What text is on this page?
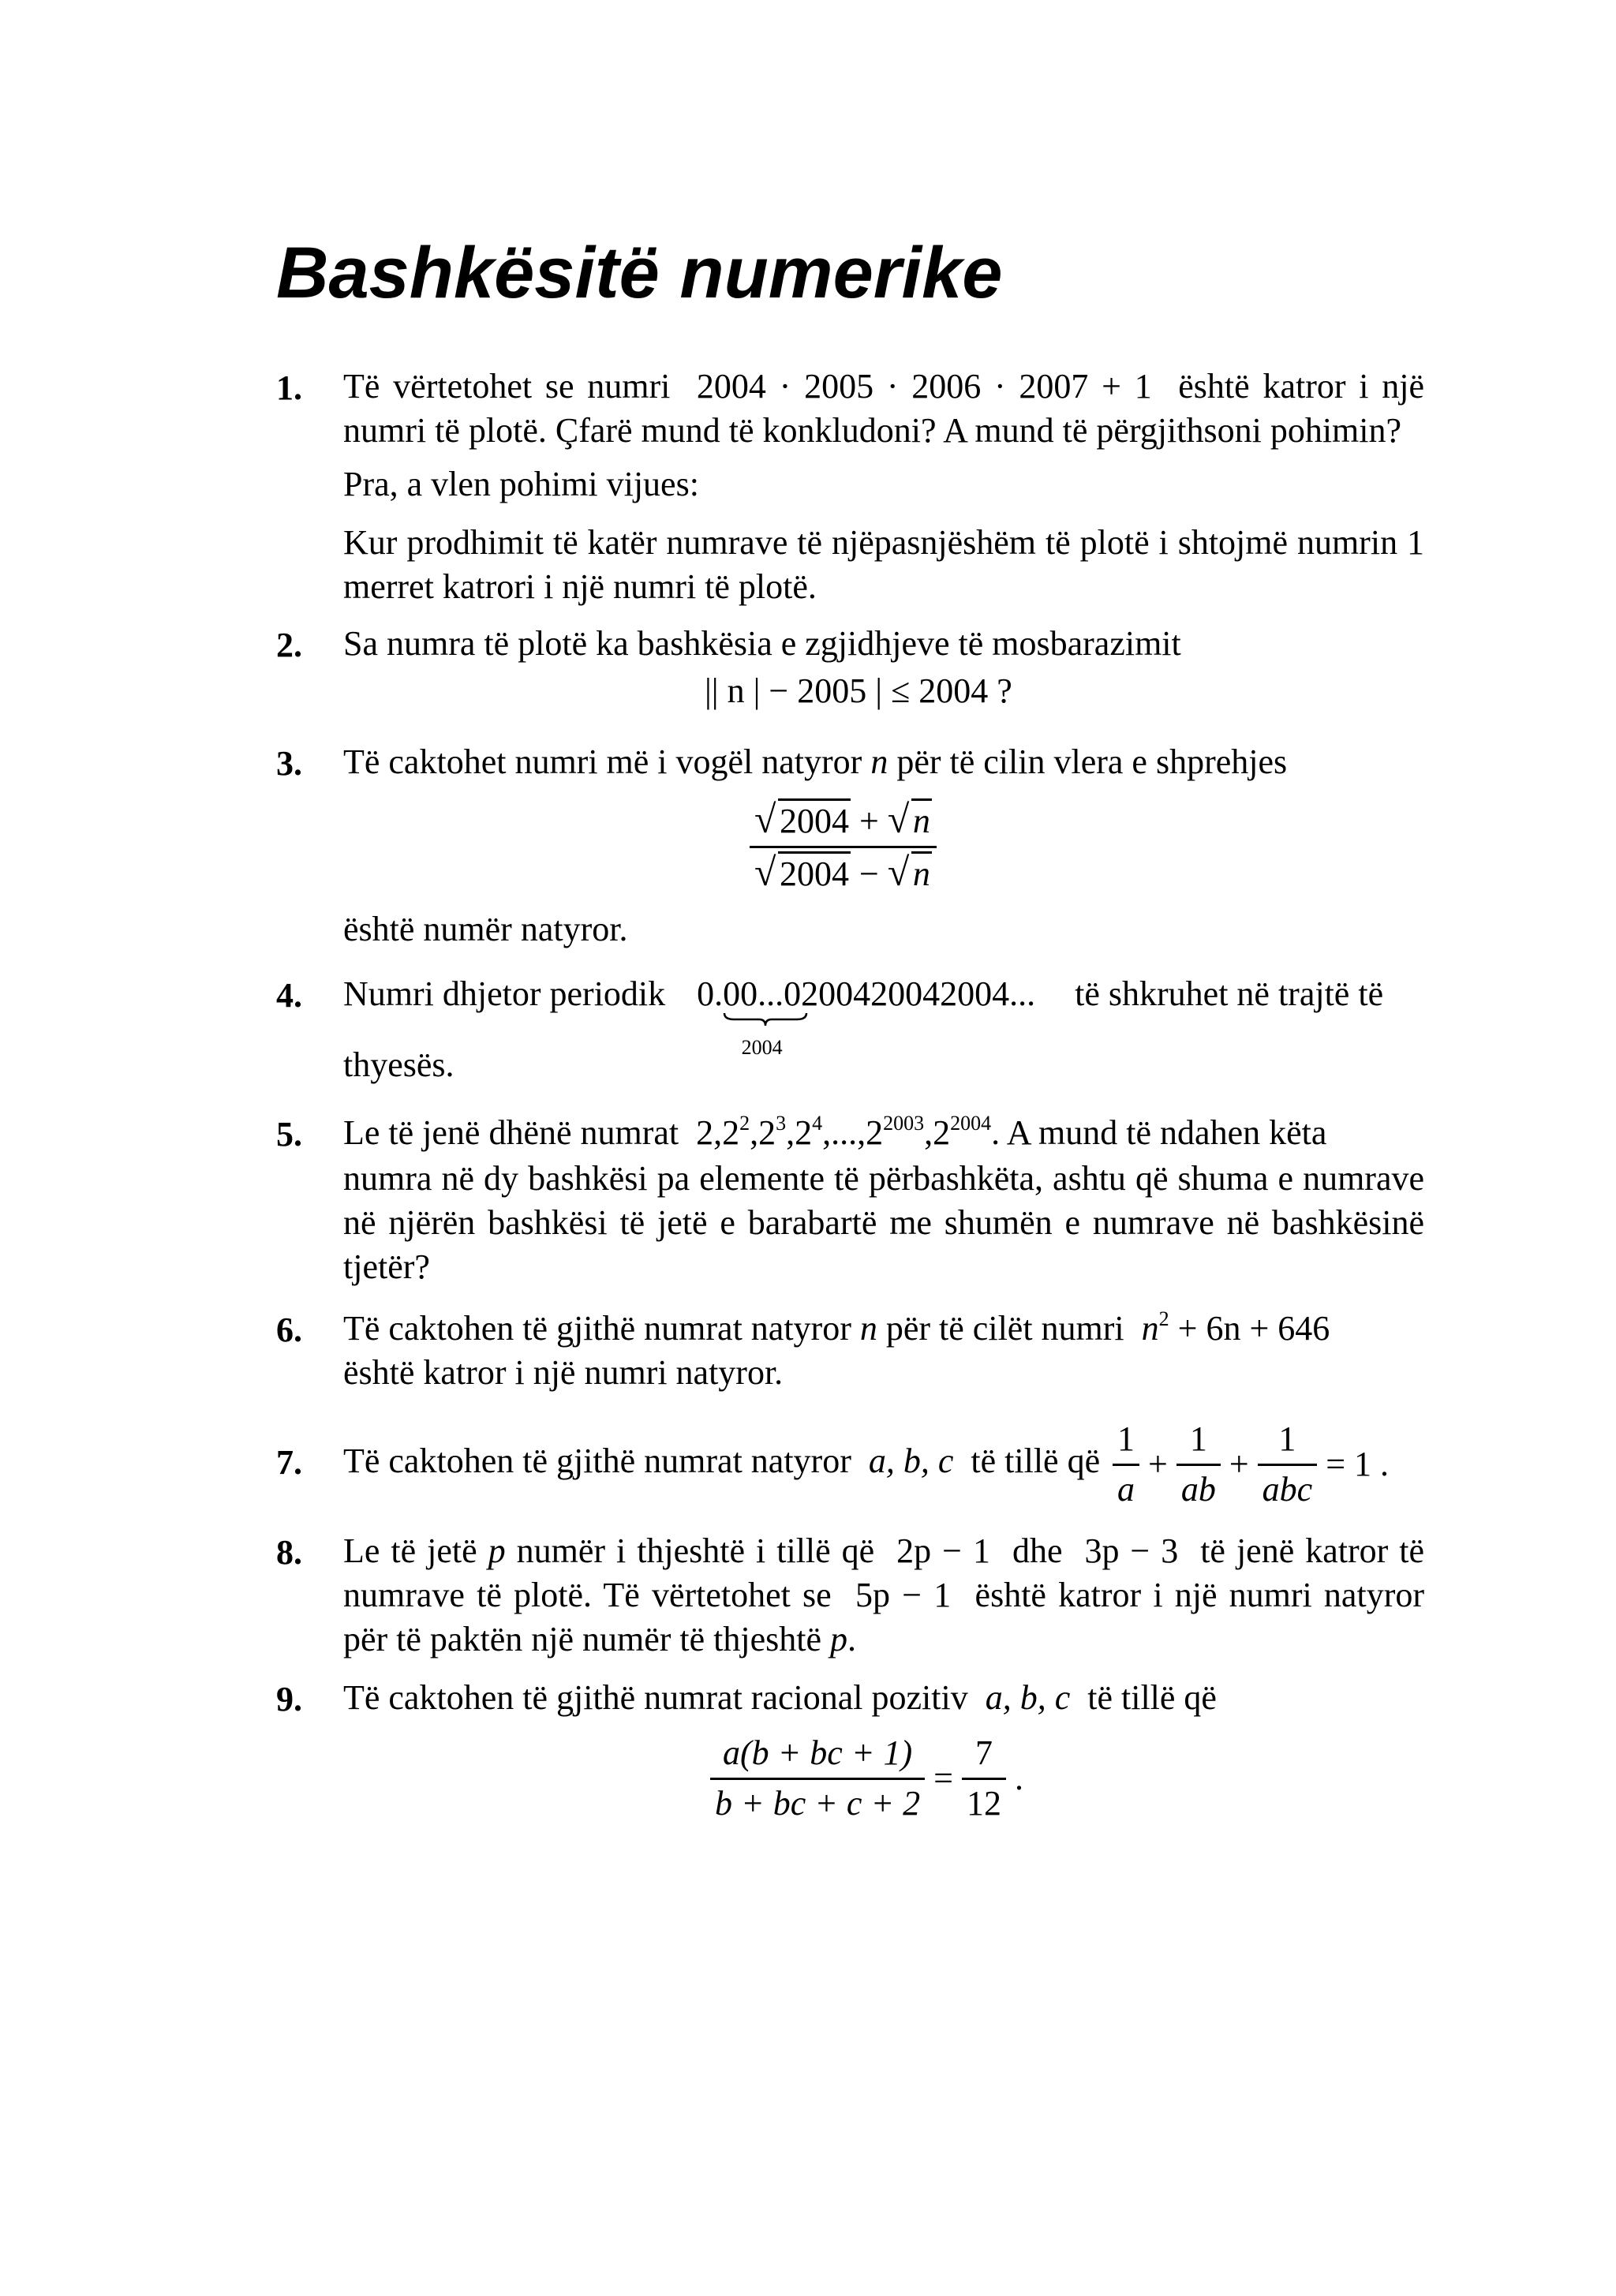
Bashkësitë numerike
1.	Të vërtetohet se numri 2004 · 2005 · 2006 · 2007 + 1 është katror i një numri të plotë. Çfarë mund të konkludoni? A mund të përgjithsoni pohimin?

Pra, a vlen pohimi vijues:

Kur prodhimit të katër numrave të njëpasnjëshëm të plotë i shtojmë numrin 1 merret katrori i një numri të plotë.

2.	Sa numra të plotë ka bashkësia e zgjidhjeve të mosbarazimit

|| n | − 2005 | ≤ 2004 ?
3.	Të caktohet numri më i vogël natyror n për të cilin vlera e shprehjes

√ 2004 + √ n
√ 2004 − √ n

është numër natyror.

4.	Numri dhjetor periodik 0.00...0
2004
200420042004... të shkruhet në trajtë të

thyesës.

5.	Le të jenë dhënë numrat $2,2^2,2^3,2^4,...,2^{2003},2^{2004}$. A mund të ndahen këta

numra në dy bashkësi pa elemente të përbashkëta, ashtu që shuma e numrave në njërën bashkësi të jetë e barabartë me shumën e numrave në bashkësinë tjetër?

6.	Të caktohen të gjithë numrat natyror n për të cilët numri $n^2 + 6n + 646$

është katror i një numri natyror.

7.	Të caktohen të gjithë numrat natyror a, b, c të tillë që $\frac{1}{a} + \frac{1}{ab} + \frac{1}{\text{abc}} = 1$ .
8.	Le të jetë p numër i thjeshtë i tillë që 2p − 1 dhe 3p − 3 të jenë katror të numrave të plotë. Të vërtetohet se 5p − 1 është katror i një numri natyror për të paktën një numër të thjeshtë p.

9.	Të caktohen të gjithë numrat racional pozitiv a, b, c të tillë që
$\frac{a(b + bc + 1)}{b + bc + c + 2} = \frac{7}{12}$ .
